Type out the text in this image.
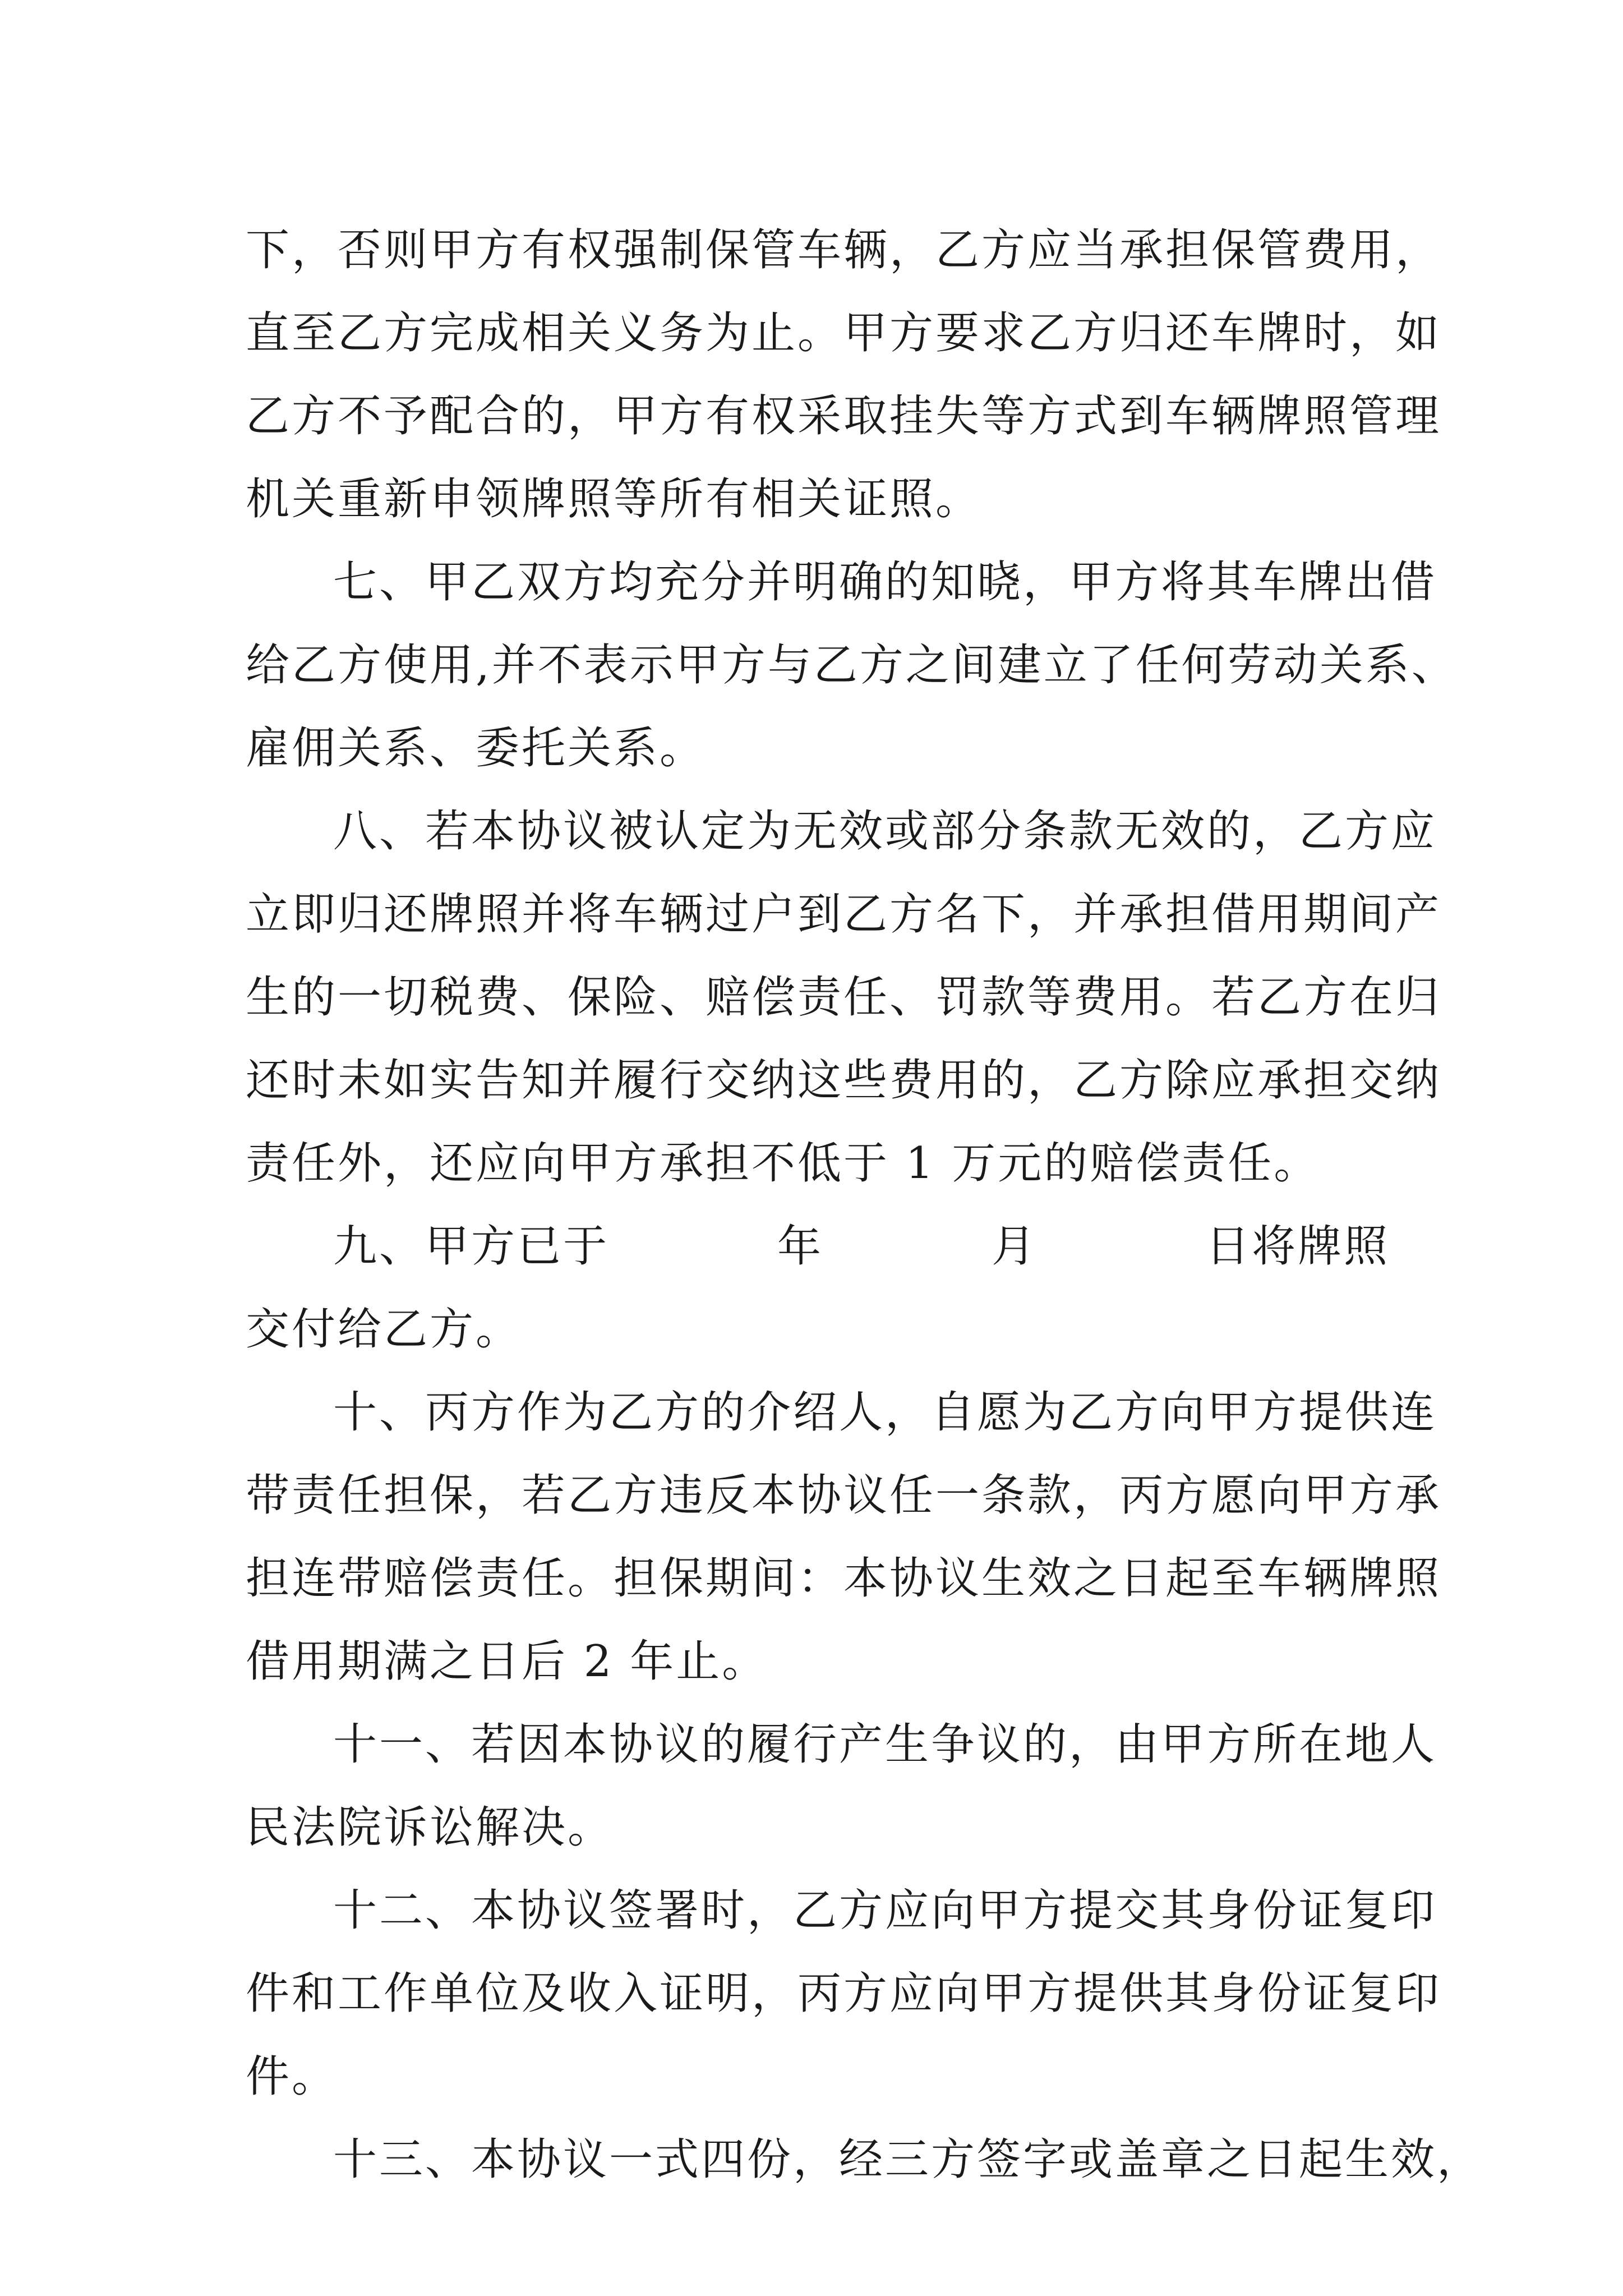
下，否则甲方有权强制保管车辆，乙方应当承担保管费用，
直至乙方完成相关义务为止。甲方要求乙方归还车牌时，如
乙方不予配合的，甲方有权采取挂失等方式到车辆牌照管理
机关重新申领牌照等所有相关证照。
七、甲乙双方均充分并明确的知晓，甲方将其车牌出借
给乙方使用,并不表示甲方与乙方之间建立了任何劳动关系、
雇佣关系、委托关系。
八、若本协议被认定为无效或部分条款无效的，乙方应
立即归还牌照并将车辆过户到乙方名下，并承担借用期间产
生的一切税费、保险、赔偿责任、罚款等费用。若乙方在归
还时未如实告知并履行交纳这些费用的，乙方除应承担交纳
责任外，还应向甲方承担不低于 1 万元的赔偿责任。
九、甲方已于	年	月	日将牌照
交付给乙方。
十、丙方作为乙方的介绍人，自愿为乙方向甲方提供连
带责任担保，若乙方违反本协议任一条款，丙方愿向甲方承
担连带赔偿责任。担保期间：本协议生效之日起至车辆牌照
借用期满之日后 2 年止。
十一、若因本协议的履行产生争议的，由甲方所在地人
民法院诉讼解决。
十二、本协议签署时，乙方应向甲方提交其身份证复印
件和工作单位及收入证明，丙方应向甲方提供其身份证复印
件。
十三、本协议一式四份，经三方签字或盖章之日起生效，
